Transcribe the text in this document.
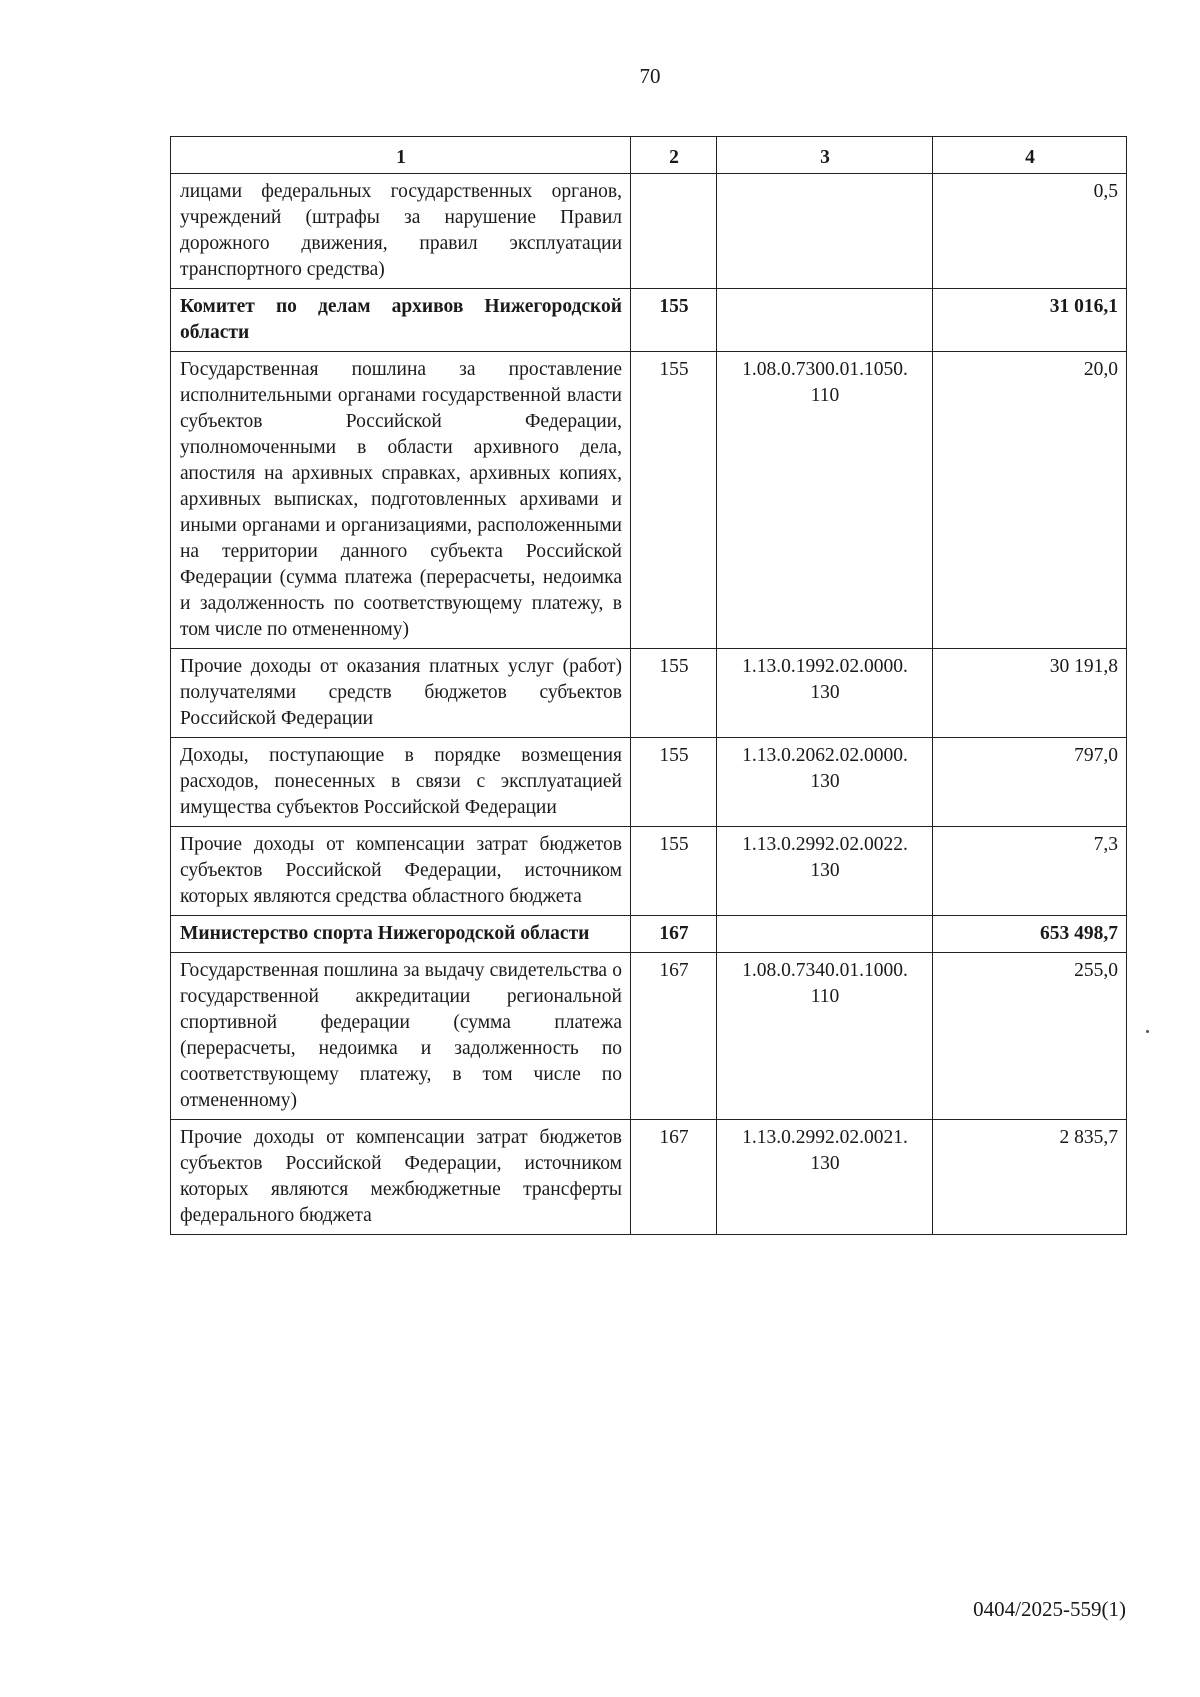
70
1	2	3	4
лицами федеральных государственных органов, учреждений (штрафы за нарушение Правил дорожного движения, правил эксплуатации транспортного средства)			0,5
Комитет по делам архивов Нижегородской области	155		31 016,1
Государственная пошлина за проставление исполнительными органами государственной власти субъектов Российской Федерации, уполномоченными в области архивного дела, апостиля на архивных справках, архивных копиях, архивных выписках, подготовленных архивами и иными органами и организациями, расположенными на территории данного субъекта Российской Федерации (сумма платежа (перерасчеты, недоимка и задолженность по соответствующему платежу, в том числе по отмененному)	155	1.08.0.7300.01.1050. 110	20,0
Прочие доходы от оказания платных услуг (работ) получателями средств бюджетов субъектов Российской Федерации	155	1.13.0.1992.02.0000. 130	30 191,8
Доходы, поступающие в порядке возмещения расходов, понесенных в связи с эксплуатацией имущества субъектов Российской Федерации	155	1.13.0.2062.02.0000. 130	797,0
Прочие доходы от компенсации затрат бюджетов субъектов Российской Федерации, источником которых являются средства областного бюджета	155	1.13.0.2992.02.0022. 130	7,3
Министерство спорта Нижегородской области	167		653 498,7
Государственная пошлина за выдачу свидетельства о государственной аккредитации региональной спортивной федерации (сумма платежа (перерасчеты, недоимка и задолженность по соответствующему платежу, в том числе по отмененному)	167	1.08.0.7340.01.1000. 110	255,0
Прочие доходы от компенсации затрат бюджетов субъектов Российской Федерации, источником которых являются межбюджетные трансферты федерального бюджета	167	1.13.0.2992.02.0021. 130	2 835,7
0404/2025-559(1)
